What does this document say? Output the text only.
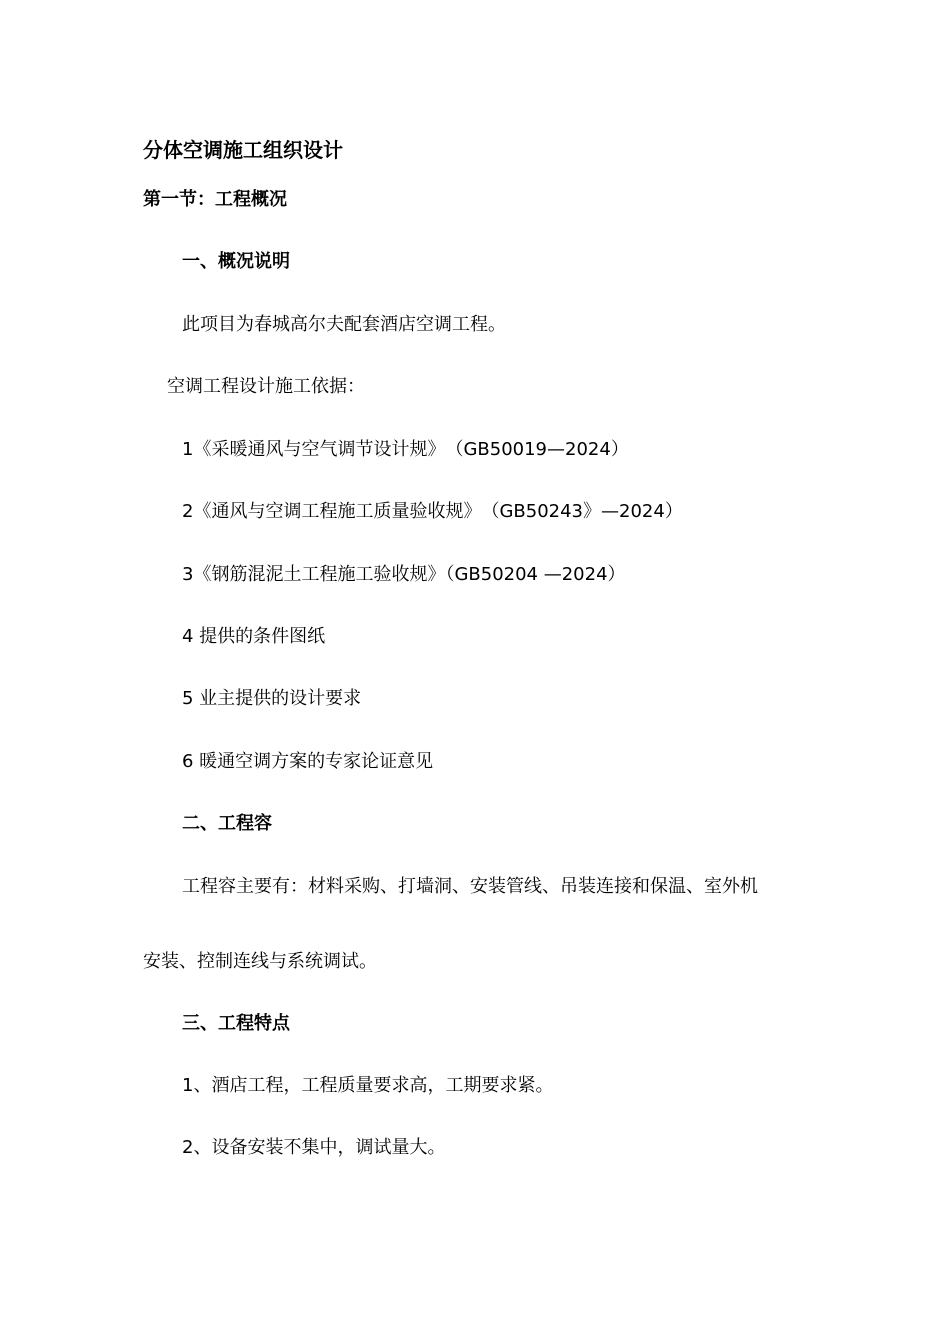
分体空调施工组织设计
第一节：工程概况
一、概况说明
此项目为春城高尔夫配套酒店空调工程。
空调工程设计施工依据：
1《采暖通风与空气调节设计规》　（GB50019—2024）
2《通风与空调工程施工质量验收规》　（GB50243》—2024）
3《钢筋混泥土工程施工验收规》（GB50204 —2024）
4 提供的条件图纸
5 业主提供的设计要求
6 暖通空调方案的专家论证意见
二、工程容
工程容主要有：材料采购、打墙洞、安装管线、吊装连接和保温、室外机
安装、控制连线与系统调试。
三、工程特点
1、酒店工程，工程质量要求高，工期要求紧。
2、设备安装不集中，调试量大。
